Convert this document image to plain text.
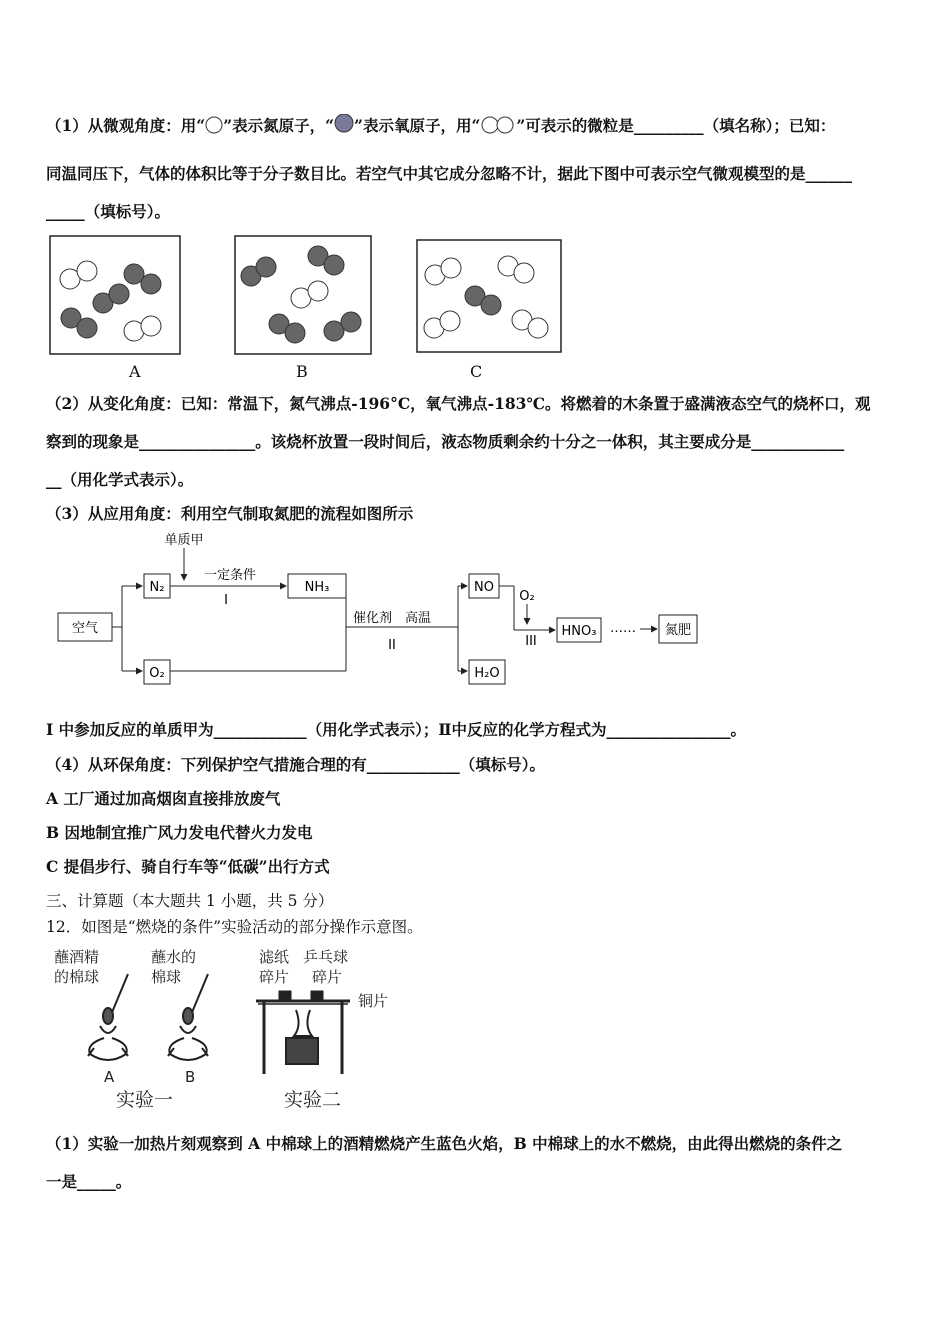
（1）从微观角度：用“ ”表示氮原子，“ ”表示氧原子，用“ ”可表示的微粒是_________（填名称）；已知：
同温同压下，气体的体积比等于分子数目比。若空气中其它成分忽略不计，据此下图中可表示空气微观模型的是______
_____（填标号）。
A	B	C
（2）从变化角度：已知：常温下，氮气沸点-196°C，氧气沸点-183℃。将燃着的木条置于盛满液态空气的烧杯口，观
察到的现象是_______________。该烧杯放置一段时间后，液态物质剩余约十分之一体积，其主要成分是____________
__（用化学式表示）。
（3）从应用角度：利用空气制取氮肥的流程如图所示
空气
N₂
O₂
单质甲
一定条件
I
NH₃
催化剂　高温
II
NO
H₂O
O₂
III
HNO₃ …… 氮肥
I 中参加反应的单质甲为____________（用化学式表示）；Ⅱ中反应的化学方程式为________________。
（4）从环保角度：下列保护空气措施合理的有____________（填标号）。
A 工厂通过加高烟囱直接排放废气
B 因地制宜推广风力发电代替火力发电
C 提倡步行、骑自行车等“低碳”出行方式
三、计算题（本大题共 1 小题，共 5 分）
12．如图是“燃烧的条件”实验活动的部分操作示意图。
蘸酒精的棉球
蘸水的棉球
滤纸碎片
乒乓球碎片
铜片
A	B
实验一	实验二
（1）实验一加热片刻观察到 A 中棉球上的酒精燃烧产生蓝色火焰，B 中棉球上的水不燃烧，由此得出燃烧的条件之
一是_____。
